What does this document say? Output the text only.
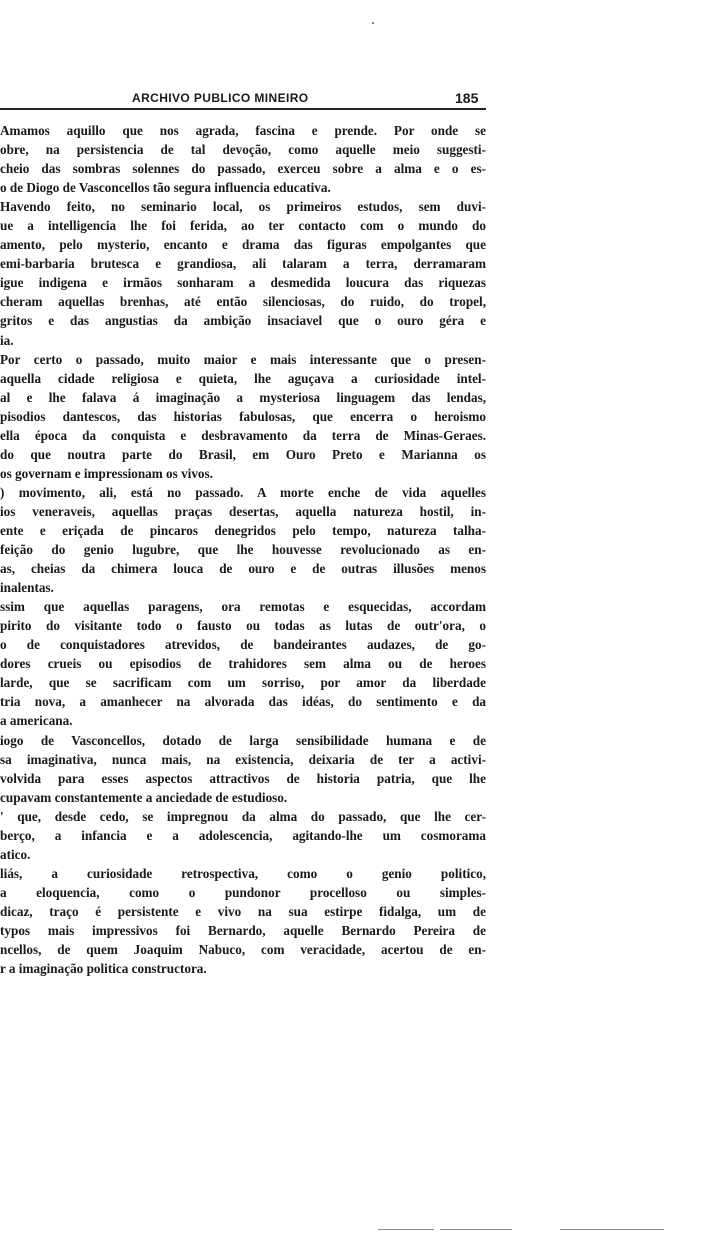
ARCHIVO PUBLICO MINEIRO	185
Amamos aquillo que nos agrada, fascina e prende. Por onde se
obre, na persistencia de tal devoção, como aquelle meio suggesti-
cheio das sombras solennes do passado, exerceu sobre a alma e o es-
o de Diogo de Vasconcellos tão segura influencia educativa.
Havendo feito, no seminario local, os primeiros estudos, sem duvi-
ue a intelligencia lhe foi ferida, ao ter contacto com o mundo do
amento, pelo mysterio, encanto e drama das figuras empolgantes que
emi-barbaria brutesca e grandiosa, ali talaram a terra, derramaram
igue indigena e irmãos sonharam a desmedida loucura das riquezas
cheram aquellas brenhas, até então silenciosas, do ruido, do tropel,
gritos e das angustias da ambição insaciavel que o ouro géra e
ia.
Por certo o passado, muito maior e mais interessante que o presen-
aquella cidade religiosa e quieta, lhe aguçava a curiosidade intel-
al e lhe falava á imaginação a mysteriosa linguagem das lendas,
pisodios dantescos, das historias fabulosas, que encerra o heroismo
ella época da conquista e desbravamento da terra de Minas-Geraes.
do que noutra parte do Brasil, em Ouro Preto e Marianna os
os governam e impressionam os vivos.
) movimento, ali, está no passado. A morte enche de vida aquelles
ios veneraveis, aquellas praças desertas, aquella natureza hostil, in-
ente e eriçada de pincaros denegridos pelo tempo, natureza talha-
feição do genio lugubre, que lhe houvesse revolucionado as en-
as, cheias da chimera louca de ouro e de outras illusões menos
inalentas.
ssim que aquellas paragens, ora remotas e esquecidas, accordam
pirito do visitante todo o fausto ou todas as lutas de outr'ora, o
o de conquistadores atrevidos, de bandeirantes audazes, de go-
dores crueis ou episodios de trahidores sem alma ou de heroes
larde, que se sacrificam com um sorriso, por amor da liberdade
tria nova, a amanhecer na alvorada das idéas, do sentimento e da
a americana.
iogo de Vasconcellos, dotado de larga sensibilidade humana e de
sa imaginativa, nunca mais, na existencia, deixaria de ter a activi-
volvida para esses aspectos attractivos de historia patria, que lhe
cupavam constantemente a anciedade de estudioso.
' que, desde cedo, se impregnou da alma do passado, que lhe cer-
berço, a infancia e a adolescencia, agitando-lhe um cosmorama
atico.
liás, a curiosidade retrospectiva, como o genio politico,
a eloquencia, como o pundonor procelloso ou simples-
dicaz, traço é persistente e vivo na sua estirpe fidalga, um de
typos mais impressivos foi Bernardo, aquelle Bernardo Pereira de
ncellos, de quem Joaquim Nabuco, com veracidade, acertou de en-
r a imaginação politica constructora.
